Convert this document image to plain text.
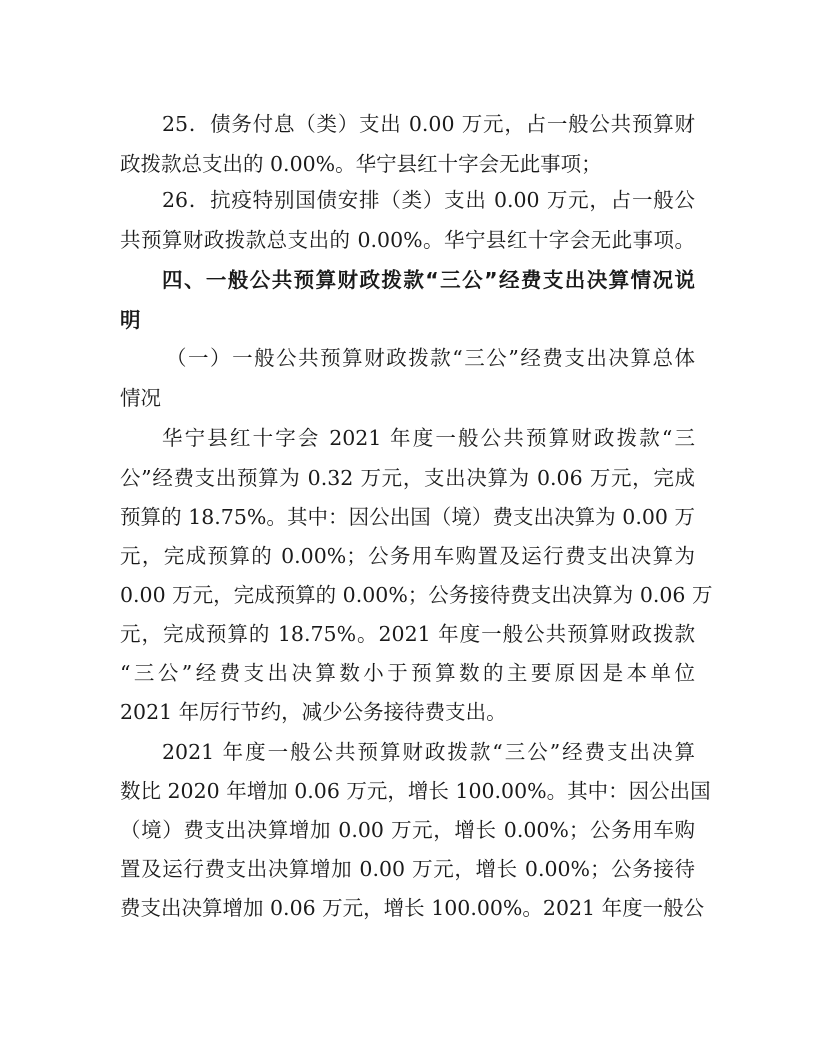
25．债务付息（类）支出 0.00 万元，占一般公共预算财
政拨款总支出的 0.00%。华宁县红十字会无此事项；
26．抗疫特别国债安排（类）支出 0.00 万元，占一般公
共预算财政拨款总支出的 0.00%。华宁县红十字会无此事项。
四、一般公共预算财政拨款“三公”经费支出决算情况说
明
（一）一般公共预算财政拨款“三公”经费支出决算总体
情况
华宁县红十字会 2021 年度一般公共预算财政拨款“三
公”经费支出预算为 0.32 万元，支出决算为 0.06 万元，完成
预算的 18.75%。其中：因公出国（境）费支出决算为 0.00 万
元，完成预算的 0.00%；公务用车购置及运行费支出决算为
0.00 万元，完成预算的 0.00%；公务接待费支出决算为 0.06 万
元，完成预算的 18.75%。2021 年度一般公共预算财政拨款
“三公”经费支出决算数小于预算数的主要原因是本单位
2021 年厉行节约，减少公务接待费支出。
2021 年度一般公共预算财政拨款“三公”经费支出决算
数比 2020 年增加 0.06 万元，增长 100.00%。其中：因公出国
（境）费支出决算增加 0.00 万元，增长 0.00%；公务用车购
置及运行费支出决算增加 0.00 万元，增长 0.00%；公务接待
费支出决算增加 0.06 万元，增长 100.00%。2021 年度一般公
